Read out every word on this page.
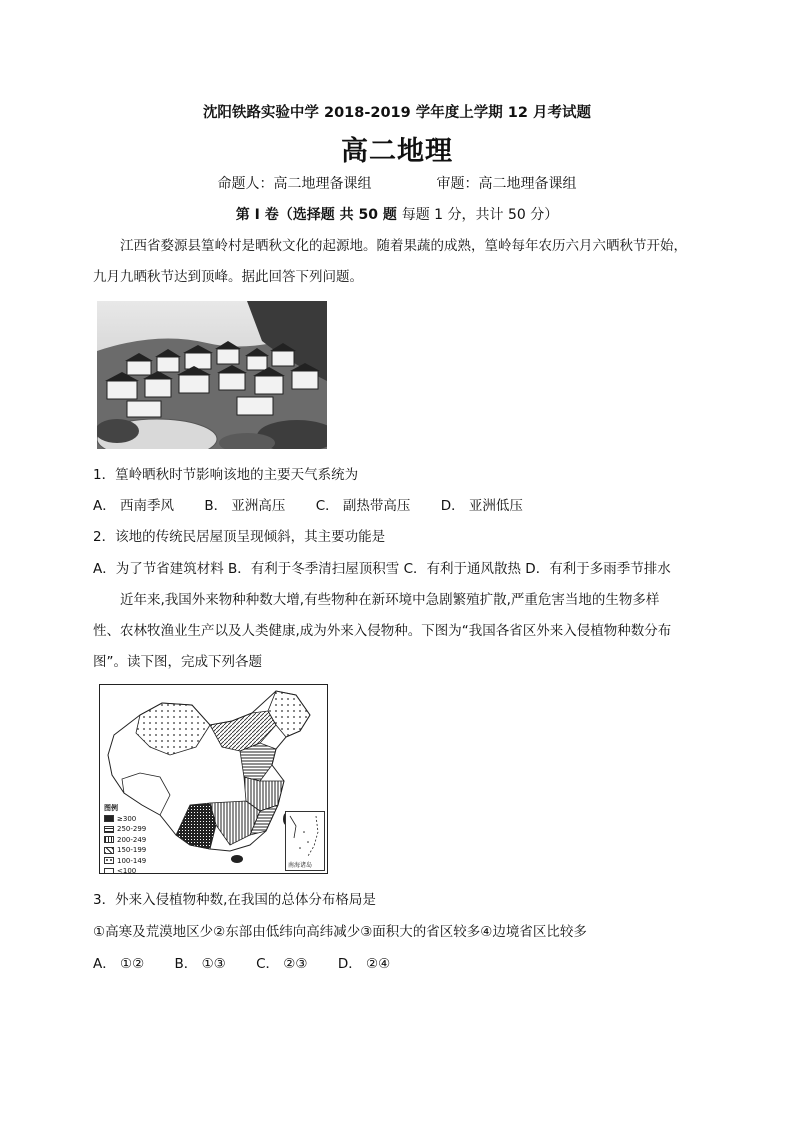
沈阳铁路实验中学 2018-2019 学年度上学期 12 月考试题
高二地理
命题人：高二地理备课组	审题：高二地理备课组
第 I 卷（选择题 共 50 题 每题 1 分，共计 50 分）
江西省婺源县篁岭村是晒秋文化的起源地。随着果蔬的成熟，篁岭每年农历六月六晒秋节开始，
九月九晒秋节达到顶峰。据此回答下列问题。
1．篁岭晒秋时节影响该地的主要天气系统为
A． 西南季风 B． 亚洲高压 C． 副热带高压 D． 亚洲低压
2．该地的传统民居屋顶呈现倾斜，其主要功能是
A．为了节省建筑材料 B．有利于冬季清扫屋顶积雪 C．有利于通风散热 D．有利于多雨季节排水
近年来,我国外来物种种数大增,有些物种在新环境中急剧繁殖扩散,严重危害当地的生物多样
性、农林牧渔业生产以及人类健康,成为外来入侵物种。下图为“我国各省区外来入侵植物种数分布
图”。读下图，完成下列各题
图例
≥300
250-299
200-249
150-199
100-149
<100
南海诸岛
3．外来入侵植物种数,在我国的总体分布格局是
①高寒及荒漠地区少②东部由低纬向高纬减少③面积大的省区较多④边境省区比较多
A． ①② B． ①③ C． ②③ D． ②④
